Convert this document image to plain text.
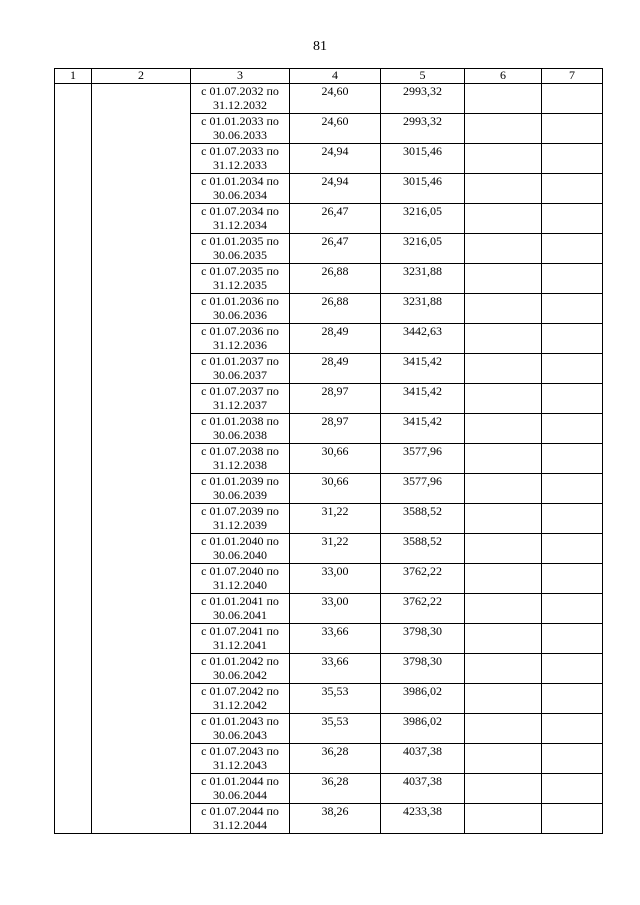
81
1	2	3	4	5	6	7

		с 01.07.2032 по
31.12.2032	24,60	2993,32		

		с 01.01.2033 по
30.06.2033	24,60	2993,32		

		с 01.07.2033 по
31.12.2033	24,94	3015,46		

		с 01.01.2034 по
30.06.2034	24,94	3015,46		

		с 01.07.2034 по
31.12.2034	26,47	3216,05		

		с 01.01.2035 по
30.06.2035	26,47	3216,05		

		с 01.07.2035 по
31.12.2035	26,88	3231,88		

		с 01.01.2036 по
30.06.2036	26,88	3231,88		

		с 01.07.2036 по
31.12.2036	28,49	3442,63		

		с 01.01.2037 по
30.06.2037	28,49	3415,42		

		с 01.07.2037 по
31.12.2037	28,97	3415,42		

		с 01.01.2038 по
30.06.2038	28,97	3415,42		

		с 01.07.2038 по
31.12.2038	30,66	3577,96		

		с 01.01.2039 по
30.06.2039	30,66	3577,96		

		с 01.07.2039 по
31.12.2039	31,22	3588,52		

		с 01.01.2040 по
30.06.2040	31,22	3588,52		

		с 01.07.2040 по
31.12.2040	33,00	3762,22		

		с 01.01.2041 по
30.06.2041	33,00	3762,22		

		с 01.07.2041 по
31.12.2041	33,66	3798,30		

		с 01.01.2042 по
30.06.2042	33,66	3798,30		

		с 01.07.2042 по
31.12.2042	35,53	3986,02		

		с 01.01.2043 по
30.06.2043	35,53	3986,02		

		с 01.07.2043 по
31.12.2043	36,28	4037,38		

		с 01.01.2044 по
30.06.2044	36,28	4037,38		

		с 01.07.2044 по
31.12.2044	38,26	4233,38		
